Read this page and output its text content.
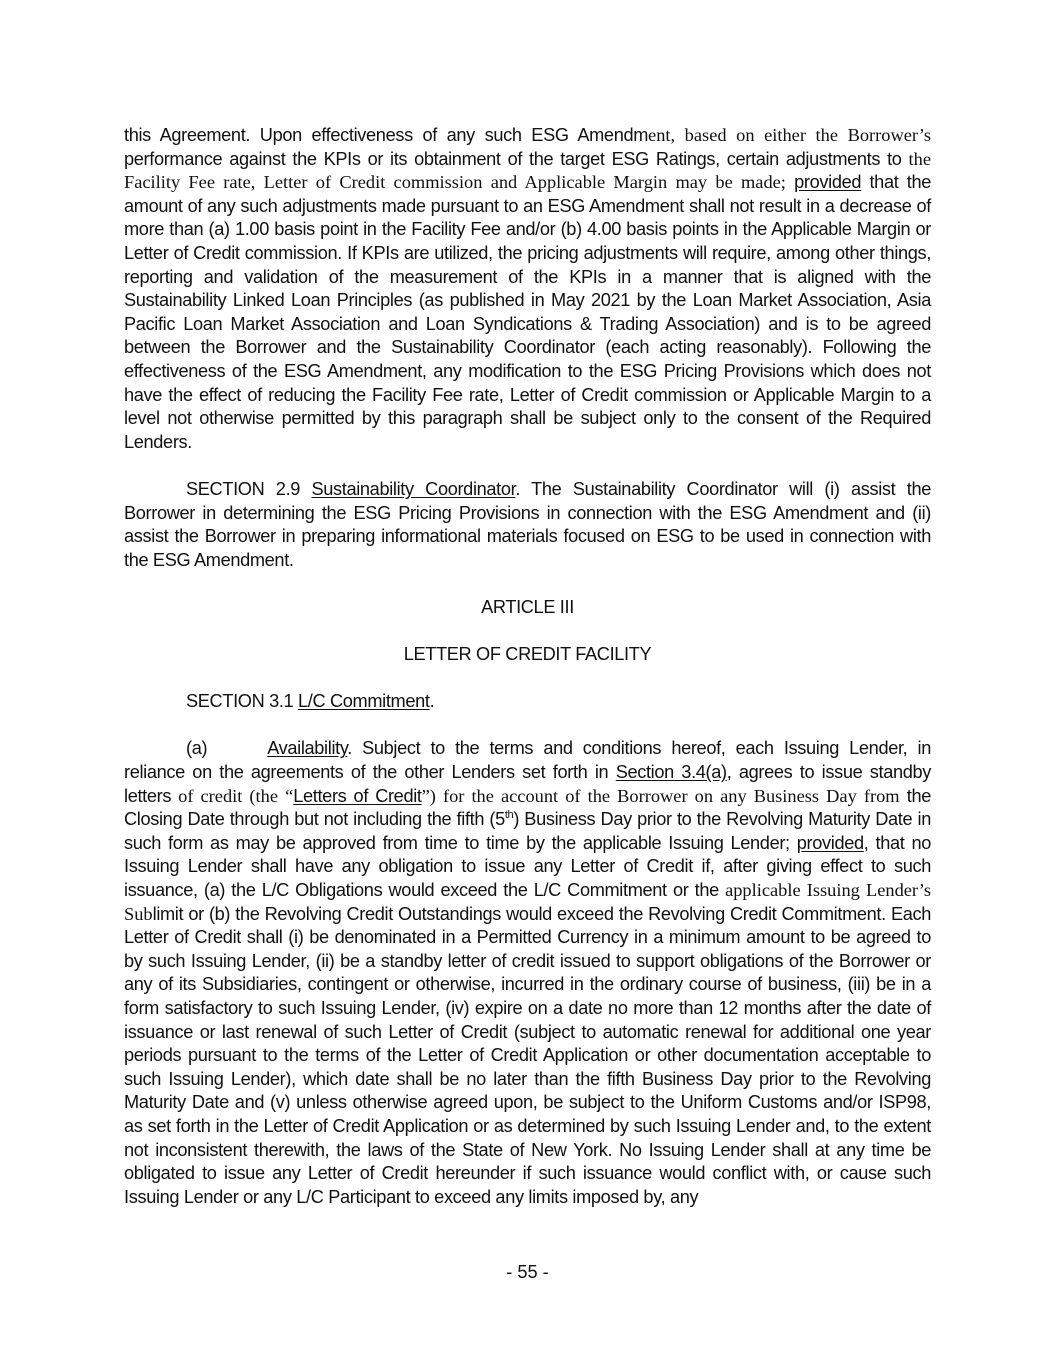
this Agreement. Upon effectiveness of any such ESG Amendment, based on either the Borrower’s performance against the KPIs or its obtainment of the target ESG Ratings, certain adjustments to the Facility Fee rate, Letter of Credit commission and Applicable Margin may be made; provided that the amount of any such adjustments made pursuant to an ESG Amendment shall not result in a decrease of more than (a) 1.00 basis point in the Facility Fee and/or (b) 4.00 basis points in the Applicable Margin or Letter of Credit commission. If KPIs are utilized, the pricing adjustments will require, among other things, reporting and validation of the measurement of the KPIs in a manner that is aligned with the Sustainability Linked Loan Principles (as published in May 2021 by the Loan Market Association, Asia Pacific Loan Market Association and Loan Syndications & Trading Association) and is to be agreed between the Borrower and the Sustainability Coordinator (each acting reasonably). Following the effectiveness of the ESG Amendment, any modification to the ESG Pricing Provisions which does not have the effect of reducing the Facility Fee rate, Letter of Credit commission or Applicable Margin to a level not otherwise permitted by this paragraph shall be subject only to the consent of the Required Lenders.

SECTION 2.9 Sustainability Coordinator. The Sustainability Coordinator will (i) assist the Borrower in determining the ESG Pricing Provisions in connection with the ESG Amendment and (ii) assist the Borrower in preparing informational materials focused on ESG to be used in connection with the ESG Amendment.

ARTICLE III

LETTER OF CREDIT FACILITY

SECTION 3.1 L/C Commitment.

(a)	Availability. Subject to the terms and conditions hereof, each Issuing Lender, in reliance on the agreements of the other Lenders set forth in Section 3.4(a), agrees to issue standby letters of credit (the “Letters of Credit”) for the account of the Borrower on any Business Day from the Closing Date through but not including the fifth (5th) Business Day prior to the Revolving Maturity Date in such form as may be approved from time to time by the applicable Issuing Lender; provided, that no Issuing Lender shall have any obligation to issue any Letter of Credit if, after giving effect to such issuance, (a) the L/C Obligations would exceed the L/C Commitment or the applicable Issuing Lender’s Sublimit or (b) the Revolving Credit Outstandings would exceed the Revolving Credit Commitment. Each Letter of Credit shall (i) be denominated in a Permitted Currency in a minimum amount to be agreed to by such Issuing Lender, (ii) be a standby letter of credit issued to support obligations of the Borrower or any of its Subsidiaries, contingent or otherwise, incurred in the ordinary course of business, (iii) be in a form satisfactory to such Issuing Lender, (iv) expire on a date no more than 12 months after the date of issuance or last renewal of such Letter of Credit (subject to automatic renewal for additional one year periods pursuant to the terms of the Letter of Credit Application or other documentation acceptable to such Issuing Lender), which date shall be no later than the fifth Business Day prior to the Revolving Maturity Date and (v) unless otherwise agreed upon, be subject to the Uniform Customs and/or ISP98, as set forth in the Letter of Credit Application or as determined by such Issuing Lender and, to the extent not inconsistent therewith, the laws of the State of New York. No Issuing Lender shall at any time be obligated to issue any Letter of Credit hereunder if such issuance would conflict with, or cause such Issuing Lender or any L/C Participant to exceed any limits imposed by, any

- 55 -
